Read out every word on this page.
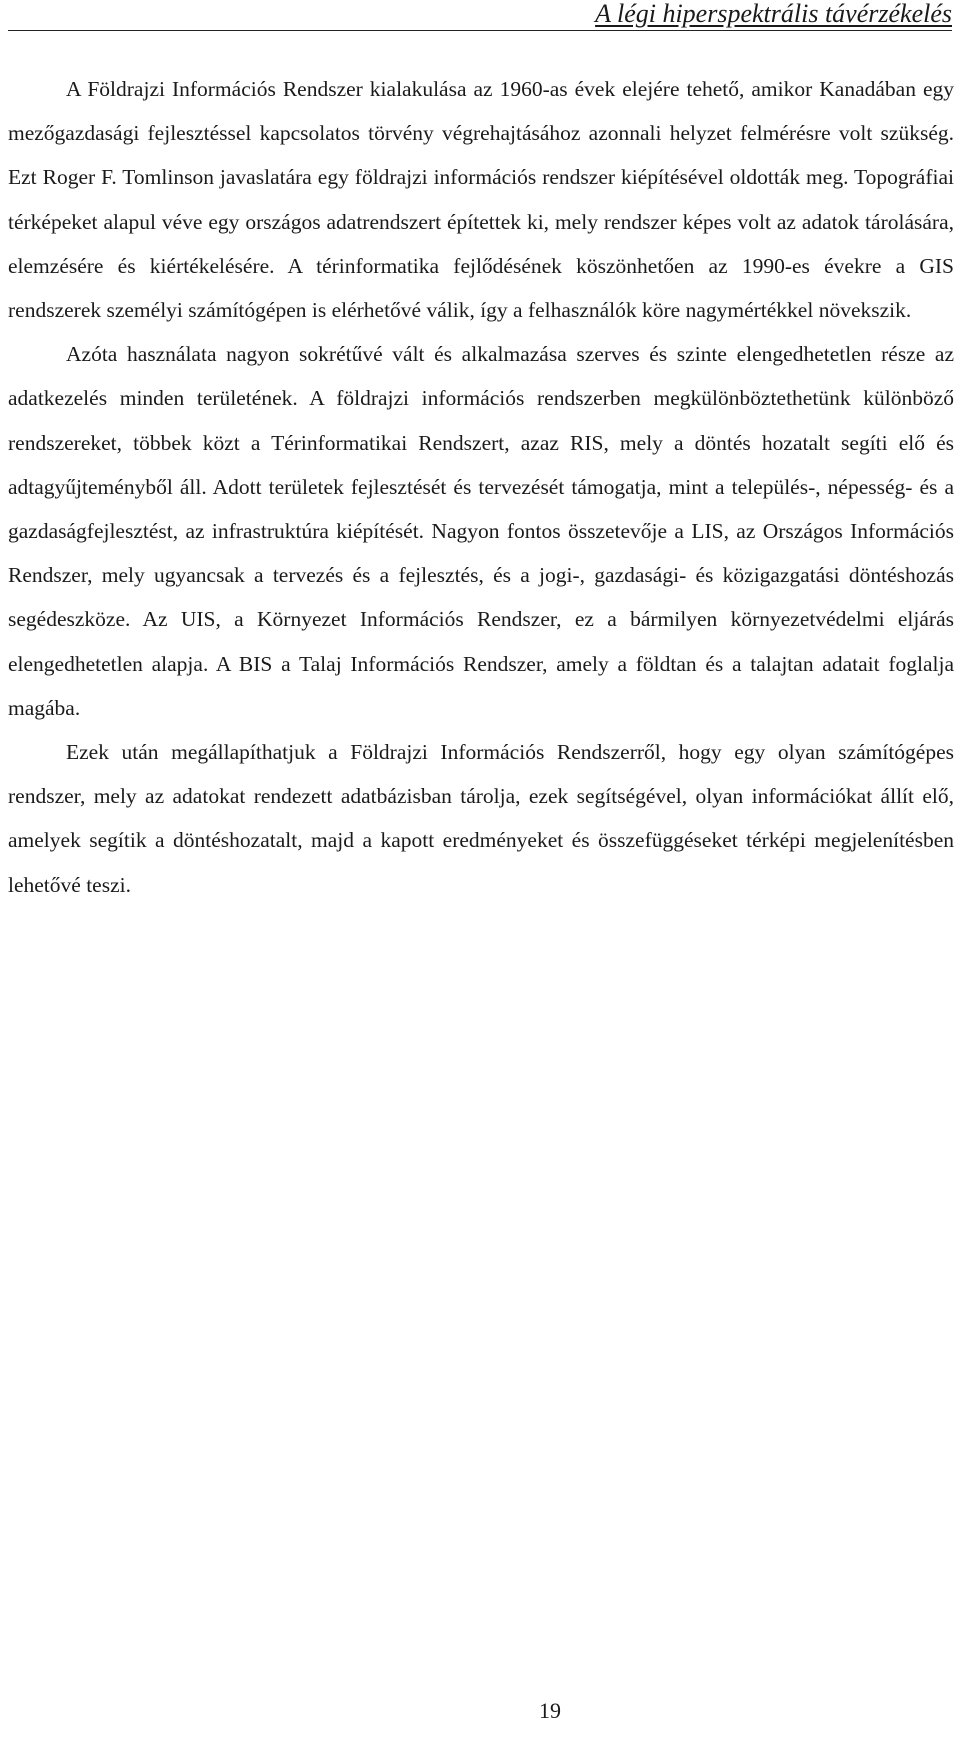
A légi hiperspektrális távérzékelés

A Földrajzi Információs Rendszer kialakulása az 1960-as évek elejére tehető, amikor Kanadában egy mezőgazdasági fejlesztéssel kapcsolatos törvény végrehajtásához azonnali helyzet felmérésre volt szükség. Ezt Roger F. Tomlinson javaslatára egy földrajzi információs rendszer kiépítésével oldották meg. Topográfiai térképeket alapul véve egy országos adatrendszert építettek ki, mely rendszer képes volt az adatok tárolására, elemzésére és kiértékelésére. A térinformatika fejlődésének köszönhetően az 1990-es évekre a GIS rendszerek személyi számítógépen is elérhetővé válik, így a felhasználók köre nagymértékkel növekszik.

Azóta használata nagyon sokrétűvé vált és alkalmazása szerves és szinte elengedhetetlen része az adatkezelés minden területének. A földrajzi információs rendszerben megkülönböztethetünk különböző rendszereket, többek közt a Térinformatikai Rendszert, azaz RIS, mely a döntés hozatalt segíti elő és adtagyűjteményből áll. Adott területek fejlesztését és tervezését támogatja, mint a település-, népesség- és a gazdaságfejlesztést, az infrastruktúra kiépítését. Nagyon fontos összetevője a LIS, az Országos Információs Rendszer, mely ugyancsak a tervezés és a fejlesztés, és a jogi-, gazdasági- és közigazgatási döntéshozás segédeszköze. Az UIS, a Környezet Információs Rendszer, ez a bármilyen környezetvédelmi eljárás elengedhetetlen alapja. A BIS a Talaj Információs Rendszer, amely a földtan és a talajtan adatait foglalja magába.

Ezek után megállapíthatjuk a Földrajzi Információs Rendszerről, hogy egy olyan számítógépes rendszer, mely az adatokat rendezett adatbázisban tárolja, ezek segítségével, olyan információkat állít elő, amelyek segítik a döntéshozatalt, majd a kapott eredményeket és összefüggéseket térképi megjelenítésben lehetővé teszi.

19
